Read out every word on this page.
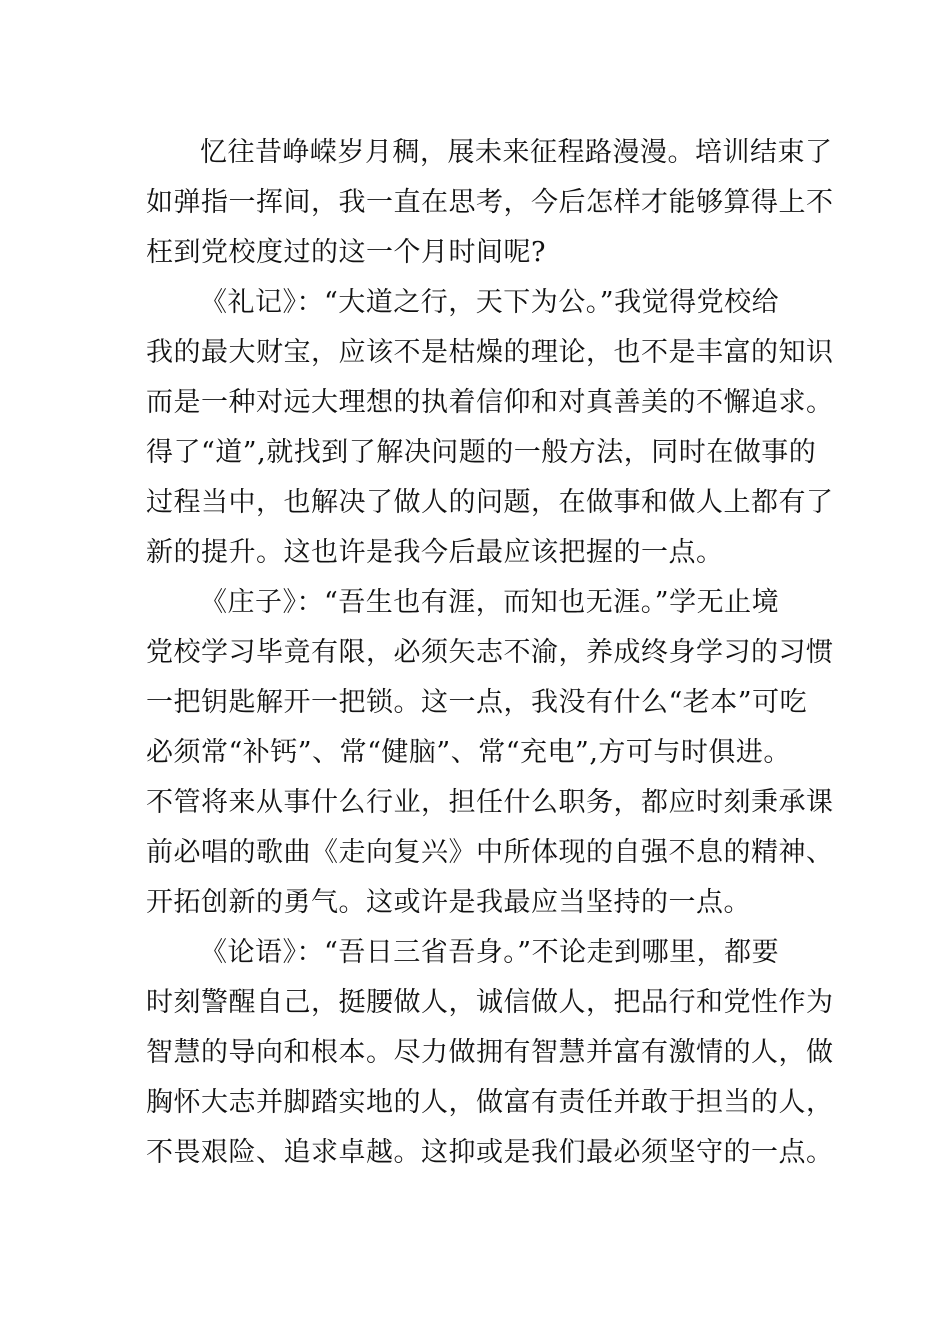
忆往昔峥嵘岁月稠，展未来征程路漫漫。培训结束了
如弹指一挥间，我一直在思考，今后怎样才能够算得上不
枉到党校度过的这一个月时间呢?
《礼记》：“大道之行，天下为公。”我觉得党校给
我的最大财宝，应该不是枯燥的理论，也不是丰富的知识
而是一种对远大理想的执着信仰和对真善美的不懈追求。
得了“道”,就找到了解决问题的一般方法，同时在做事的
过程当中，也解决了做人的问题，在做事和做人上都有了
新的提升。这也许是我今后最应该把握的一点。
《庄子》：“吾生也有涯，而知也无涯。”学无止境
党校学习毕竟有限，必须矢志不渝，养成终身学习的习惯
一把钥匙解开一把锁。这一点，我没有什么“老本”可吃
必须常“补钙”、常“健脑”、常“充电”,方可与时俱进。
不管将来从事什么行业，担任什么职务，都应时刻秉承课
前必唱的歌曲《走向复兴》中所体现的自强不息的精神、
开拓创新的勇气。这或许是我最应当坚持的一点。
《论语》：“吾日三省吾身。”不论走到哪里，都要
时刻警醒自己，挺腰做人，诚信做人，把品行和党性作为
智慧的导向和根本。尽力做拥有智慧并富有激情的人，做
胸怀大志并脚踏实地的人，做富有责任并敢于担当的人，
不畏艰险、追求卓越。这抑或是我们最必须坚守的一点。
